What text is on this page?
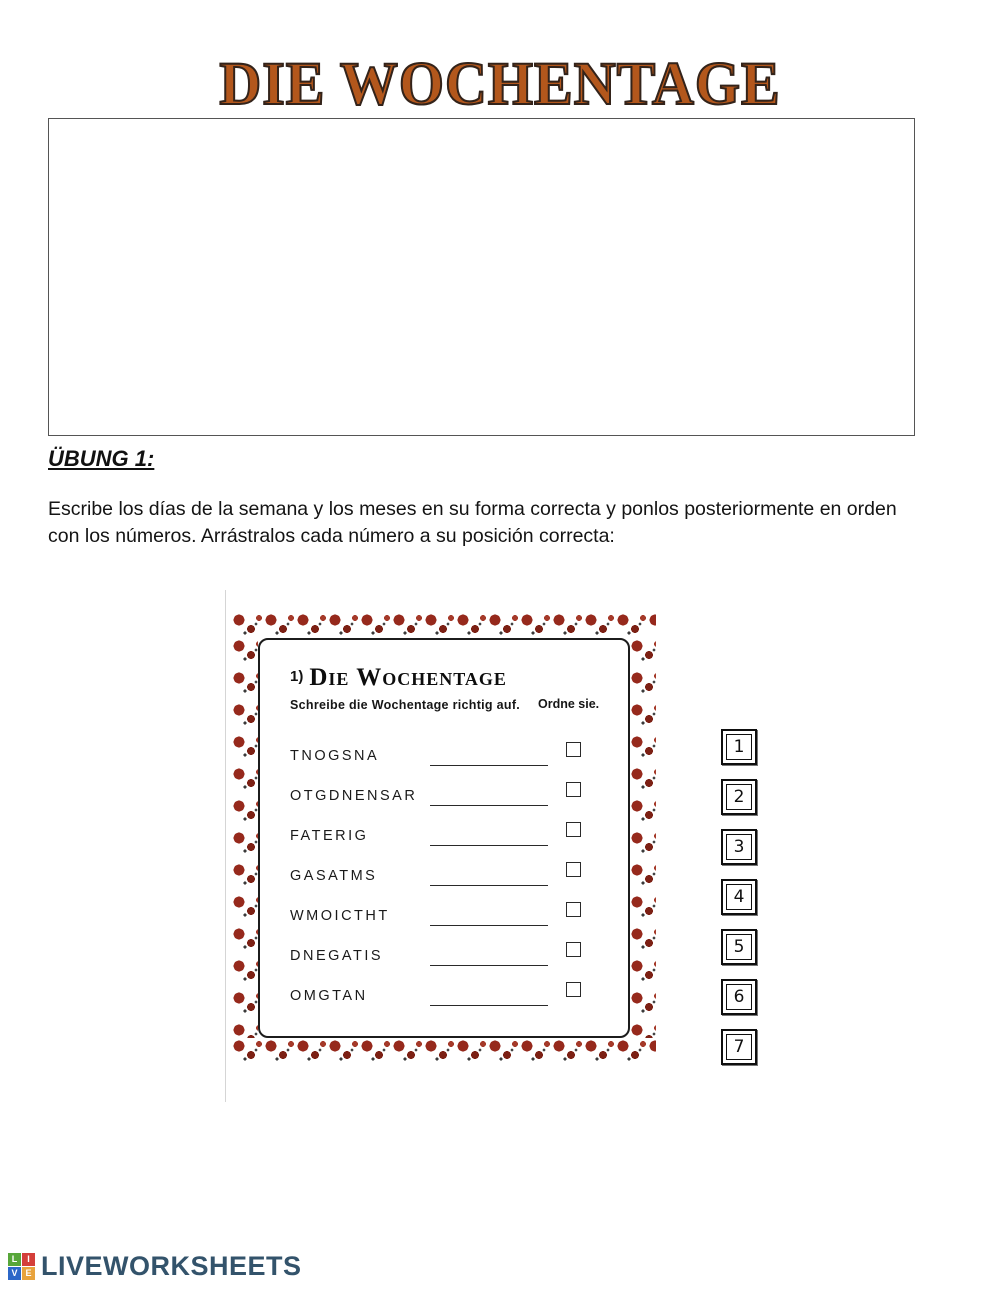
DIE WOCHENTAGE
ÜBUNG 1:

Escribe los días de la semana y los meses en su forma correcta y ponlos posteriormente en orden con los números. Arrástralos cada número a su posición correcta:

1) Die Wochentage
Schreibe die Wochentage richtig auf. Ordne sie.
TNOGSNA
OTGDNENSAR
FATERIG
GASATMS
WMOICTHT
DNEGATIS
OMGTAN
1
2
3
4
5
6
7
L	I
V E LIVEWORKSHEETS
